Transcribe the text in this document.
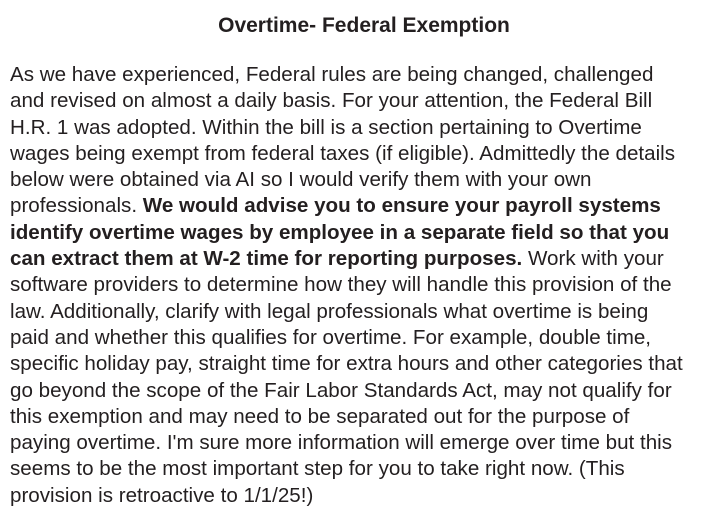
Overtime- Federal Exemption
As we have experienced, Federal rules are being changed, challenged
and revised on almost a daily basis. For your attention, the Federal Bill
H.R. 1 was adopted. Within the bill is a section pertaining to Overtime
wages being exempt from federal taxes (if eligible). Admittedly the details
below were obtained via AI so I would verify them with your own
professionals. We would advise you to ensure your payroll systems
identify overtime wages by employee in a separate field so that you
can extract them at W-2 time for reporting purposes. Work with your
software providers to determine how they will handle this provision of the
law. Additionally, clarify with legal professionals what overtime is being
paid and whether this qualifies for overtime. For example, double time,
specific holiday pay, straight time for extra hours and other categories that
go beyond the scope of the Fair Labor Standards Act, may not qualify for
this exemption and may need to be separated out for the purpose of
paying overtime. I'm sure more information will emerge over time but this
seems to be the most important step for you to take right now. (This
provision is retroactive to 1/1/25!)
